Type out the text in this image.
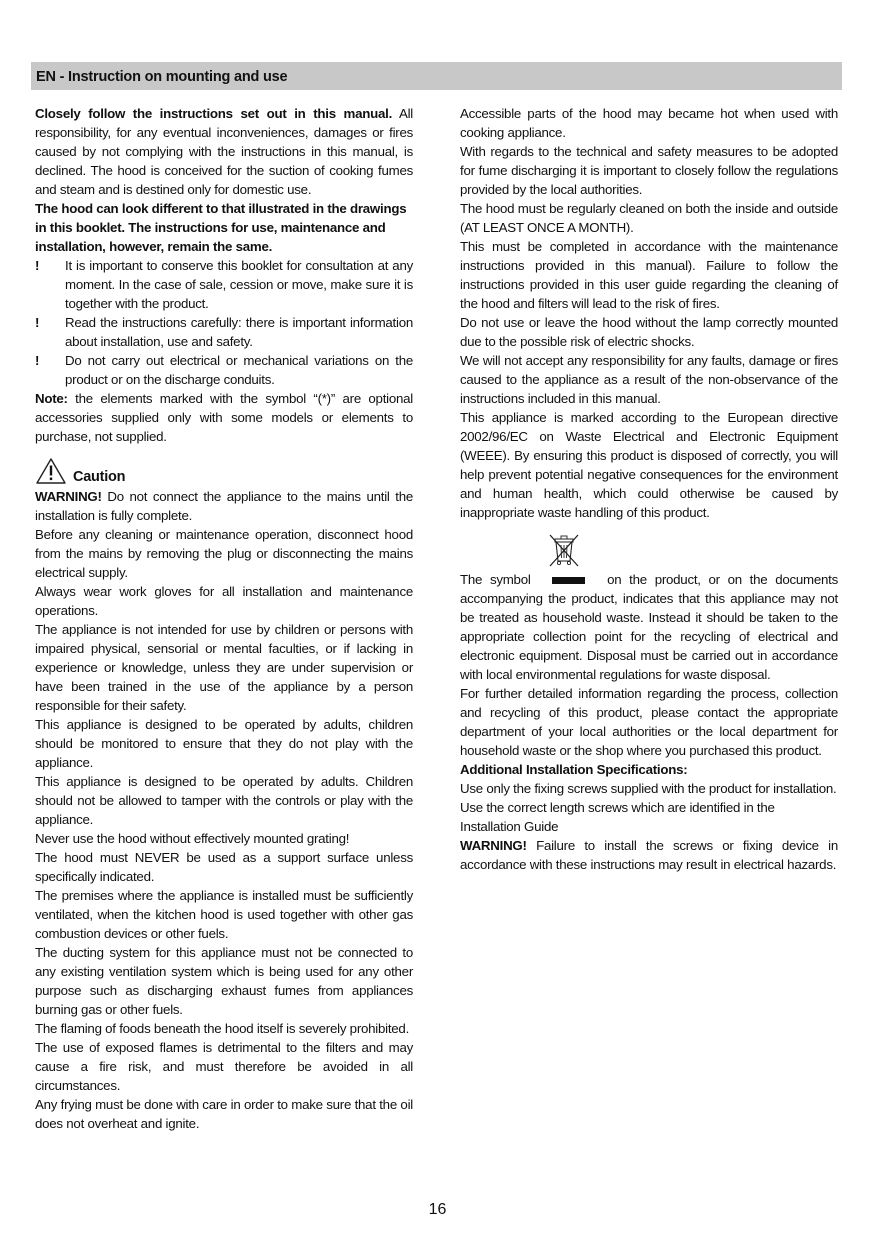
EN - Instruction on mounting and use

Closely follow the instructions set out in this manual. All responsibility, for any eventual inconveniences, damages or fires caused by not complying with the instructions in this manual, is declined. The hood is conceived for the suction of cooking fumes and steam and is destined only for domestic use.

The hood can look different to that illustrated in the drawings in this booklet. The instructions for use, maintenance and installation, however, remain the same.

! It is important to conserve this booklet for consultation at any moment. In the case of sale, cession or move, make sure it is together with the product.

! Read the instructions carefully: there is important information about installation, use and safety.

! Do not carry out electrical or mechanical variations on the product or on the discharge conduits.

Note: the elements marked with the symbol “(*)” are optional accessories supplied only with some models or elements to purchase, not supplied.

Caution

WARNING! Do not connect the appliance to the mains until the installation is fully complete.

Before any cleaning or maintenance operation, disconnect hood from the mains by removing the plug or disconnecting the mains electrical supply.

Always wear work gloves for all installation and maintenance operations.

The appliance is not intended for use by children or persons with impaired physical, sensorial or mental faculties, or if lacking in experience or knowledge, unless they are under supervision or have been trained in the use of the appliance by a person responsible for their safety.

This appliance is designed to be operated by adults, children should be monitored to ensure that they do not play with the appliance.

This appliance is designed to be operated by adults. Children should not be allowed to tamper with the controls or play with the appliance.

Never use the hood without effectively mounted grating!

The hood must NEVER be used as a support surface unless specifically indicated.

The premises where the appliance is installed must be sufficiently ventilated, when the kitchen hood is used together with other gas combustion devices or other fuels.

The ducting system for this appliance must not be connected to any existing ventilation system which is being used for any other purpose such as discharging exhaust fumes from appliances burning gas or other fuels.

The flaming of foods beneath the hood itself is severely prohibited.

The use of exposed flames is detrimental to the filters and may cause a fire risk, and must therefore be avoided in all circumstances.

Any frying must be done with care in order to make sure that the oil does not overheat and ignite.

Accessible parts of the hood may became hot when used with cooking appliance.

With regards to the technical and safety measures to be adopted for fume discharging it is important to closely follow the regulations provided by the local authorities.

The hood must be regularly cleaned on both the inside and outside (AT LEAST ONCE A MONTH).

This must be completed in accordance with the maintenance instructions provided in this manual). Failure to follow the instructions provided in this user guide regarding the cleaning of the hood and filters will lead to the risk of fires.

Do not use or leave the hood without the lamp correctly mounted due to the possible risk of electric shocks.

We will not accept any responsibility for any faults, damage or fires caused to the appliance as a result of the non-observance of the instructions included in this manual.

This appliance is marked according to the European directive 2002/96/EC on Waste Electrical and Electronic Equipment (WEEE). By ensuring this product is disposed of correctly, you will help prevent potential negative consequences for the environment and human health, which could otherwise be caused by inappropriate waste handling of this product.

The symbol	on the product, or on the documents accompanying the product, indicates that this appliance may not be treated as household waste. Instead it should be taken to the appropriate collection point for the recycling of electrical and electronic equipment. Disposal must be carried out in accordance with local environmental regulations for waste disposal.

For further detailed information regarding the process, collection and recycling of this product, please contact the appropriate department of your local authorities or the local department for household waste or the shop where you purchased this product.

Additional Installation Specifications:

Use only the fixing screws supplied with the product for installation.

Use the correct length screws which are identified in the Installation Guide

WARNING! Failure to install the screws or fixing device in accordance with these instructions may result in electrical hazards.

16
